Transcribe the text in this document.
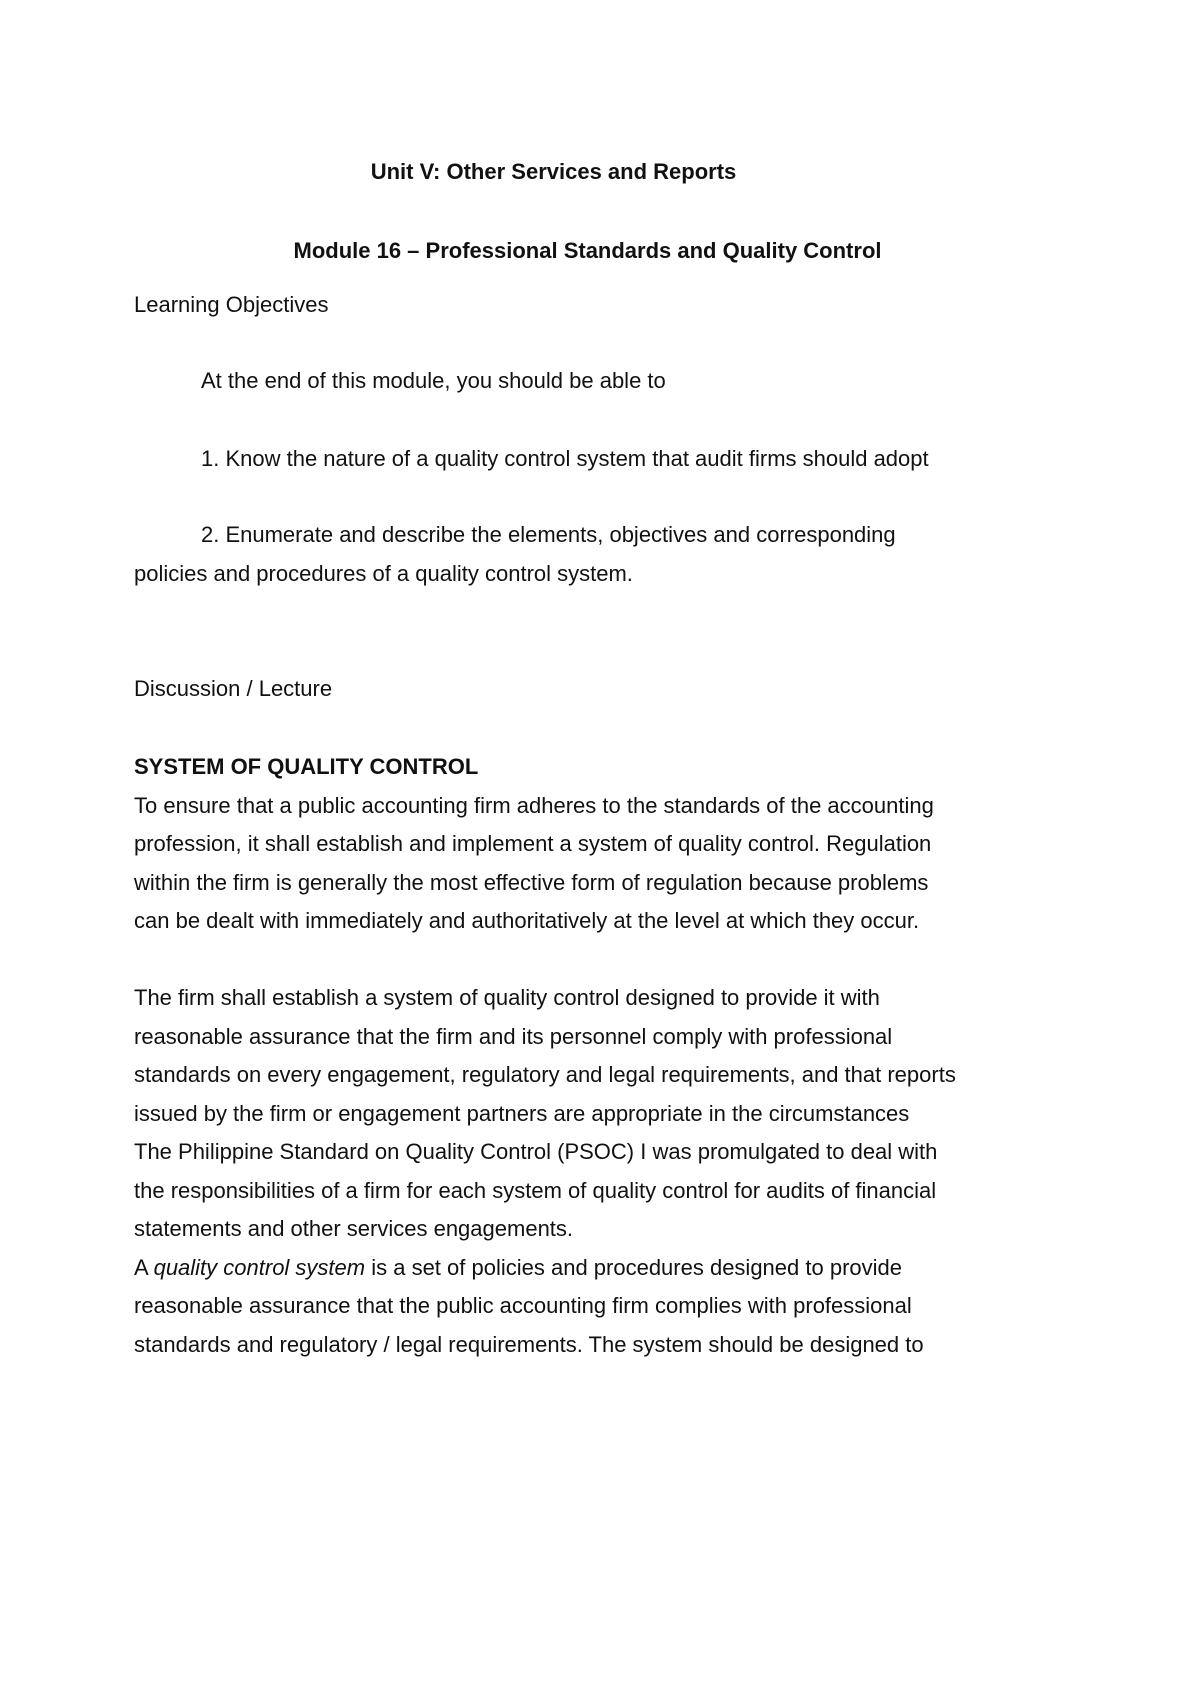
Unit V: Other Services and Reports
Module 16 – Professional Standards and Quality Control
Learning Objectives
At the end of this module, you should be able to
1. Know the nature of a quality control system that audit firms should adopt
2. Enumerate and describe the elements, objectives and corresponding
policies and procedures of a quality control system.
Discussion / Lecture
SYSTEM OF QUALITY CONTROL
To ensure that a public accounting firm adheres to the standards of the accounting
profession, it shall establish and implement a system of quality control. Regulation
within the firm is generally the most effective form of regulation because problems
can be dealt with immediately and authoritatively at the level at which they occur.
The firm shall establish a system of quality control designed to provide it with
reasonable assurance that the firm and its personnel comply with professional
standards on every engagement, regulatory and legal requirements, and that reports
issued by the firm or engagement partners are appropriate in the circumstances
The Philippine Standard on Quality Control (PSOC) I was promulgated to deal with
the responsibilities of a firm for each system of quality control for audits of financial
statements and other services engagements.
A quality control system is a set of policies and procedures designed to provide
reasonable assurance that the public accounting firm complies with professional
standards and regulatory / legal requirements. The system should be designed to
